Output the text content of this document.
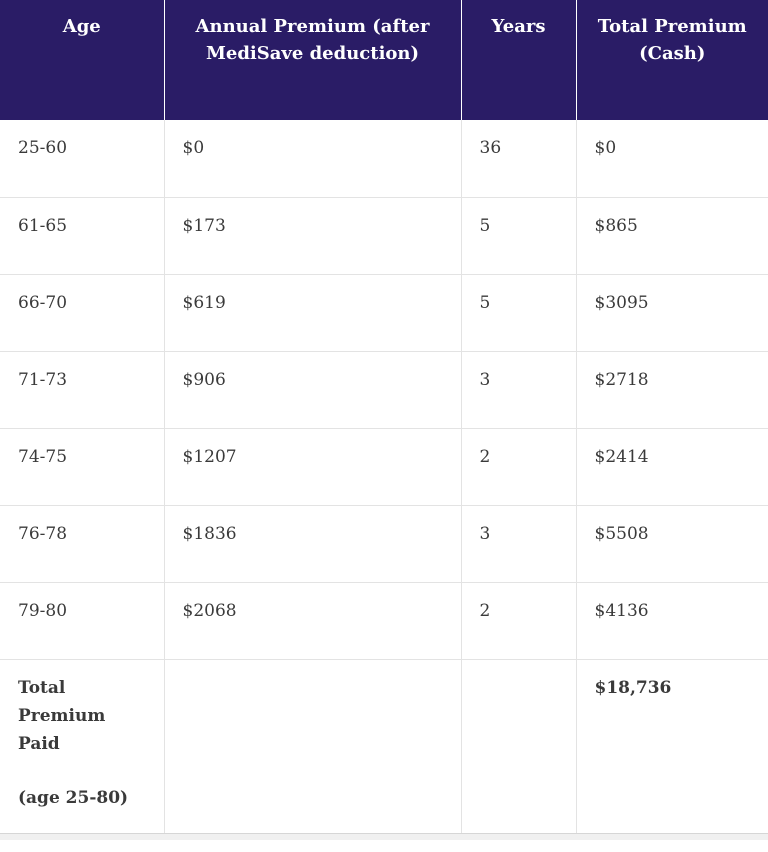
Age	Annual Premium (after MediSave deduction)	Years	Total Premium (Cash)
25-60	$0	36	$0
61-65	$173	5	$865
66-70	$619	5	$3095
71-73	$906	3	$2718
74-75	$1207	2	$2414
76-78	$1836	3	$5508
79-80	$2068	2	$4136

Total Premium Paid
(age 25-80)			$18,736
